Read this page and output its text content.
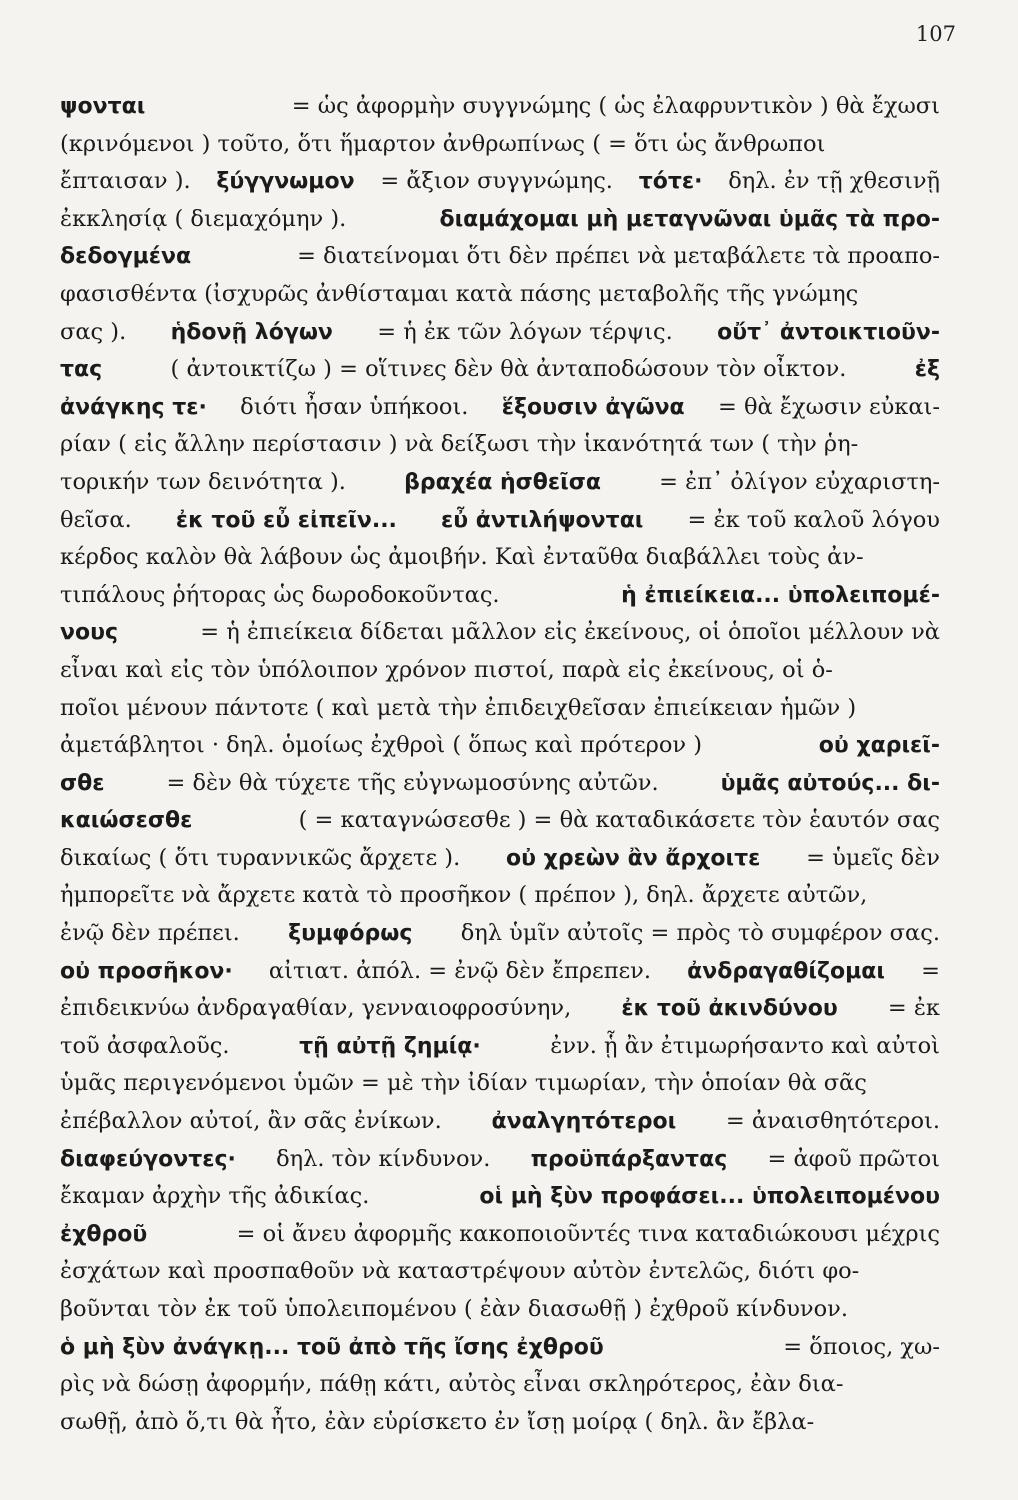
107
ψονται	= ὡς ἀφορμὴν συγγνώμης ( ὡς ἐλαφρυντικὸν ) θὰ ἔχωσι
(κρινόμενοι ) τοῦτο, ὅτι ἥμαρτον ἀνθρωπίνως ( = ὅτι ὡς ἄνθρωποι
ἔπταισαν ). ξύγγνωμον = ἄξιον συγγνώμης. τότε· δηλ. ἐν τῇ χθεσινῇ
ἐκκλησίᾳ ( διεμαχόμην ).	διαμάχομαι μὴ μεταγνῶναι ὑμᾶς τὰ προ-
δεδογμένα	= διατείνομαι ὅτι δὲν πρέπει νὰ μεταβάλετε τὰ προαπο-
φασισθέντα (ἰσχυρῶς ἀνθίσταμαι κατὰ πάσης μεταβολῆς τῆς γνώμης
σας ). ἡδονῇ λόγων = ἡ ἐκ τῶν λόγων τέρψις. οὔτ᾿ ἀντοικτιοῦν-
τας	( ἀντοικτίζω ) = οἵτινες δὲν θὰ ἀνταποδώσουν τὸν οἶκτον.	ἐξ
ἀνάγκης τε· διότι ἦσαν ὑπήκοοι. ἕξουσιν ἀγῶνα = θὰ ἔχωσιν εὐκαι-
ρίαν ( εἰς ἄλλην περίστασιν ) νὰ δείξωσι τὴν ἱκανότητά των ( τὴν ῥη-
τορικήν των δεινότητα ).	βραχέα ἡσθεῖσα	= ἐπ᾿ ὀλίγον εὐχαριστη-
θεῖσα. ἐκ τοῦ εὖ εἰπεῖν... εὖ ἀντιλήψονται = ἐκ τοῦ καλοῦ λόγου
κέρδος καλὸν θὰ λάβουν ὡς ἀμοιβήν. Καὶ ἐνταῦθα διαβάλλει τοὺς ἀν-
τιπάλους ῥήτορας ὡς δωροδοκοῦντας.	ἡ ἐπιείκεια... ὑπολειπομέ-
νους	= ἡ ἐπιείκεια δίδεται μᾶλλον εἰς ἐκείνους, οἱ ὁποῖοι μέλλουν νὰ
εἶναι καὶ εἰς τὸν ὑπόλοιπον χρόνον πιστοί, παρὰ εἰς ἐκείνους, οἱ ὁ-
ποῖοι μένουν πάντοτε ( καὶ μετὰ τὴν ἐπιδειχθεῖσαν ἐπιείκειαν ἡμῶν )
ἀμετάβλητοι · δηλ. ὁμοίως ἐχθροὶ ( ὅπως καὶ πρότερον )	οὐ χαριεῖ-
σθε	= δὲν θὰ τύχετε τῆς εὐγνωμοσύνης αὐτῶν.	ὑμᾶς αὐτούς... δι-
καιώσεσθε	( = καταγνώσεσθε ) = θὰ καταδικάσετε τὸν ἑαυτόν σας
δικαίως ( ὅτι τυραννικῶς ἄρχετε ). οὐ χρεὼν ἂν ἄρχοιτε = ὑμεῖς δὲν
ἠμπορεῖτε νὰ ἄρχετε κατὰ τὸ προσῆκον ( πρέπον ), δηλ. ἄρχετε αὐτῶν,
ἐνῷ δὲν πρέπει. ξυμφόρως δηλ ὑμῖν αὐτοῖς = πρὸς τὸ συμφέρον σας.
οὐ προσῆκον· αἰτιατ. ἀπόλ. = ἐνῷ δὲν ἔπρεπεν. ἀνδραγαθίζομαι =
ἐπιδεικνύω ἀνδραγαθίαν, γενναιοφροσύνην, ἐκ τοῦ ἀκινδύνου = ἐκ
τοῦ ἀσφαλοῦς.	τῇ αὐτῇ ζημίᾳ·	ἐνν. ᾗ ἂν ἐτιμωρήσαντο καὶ αὐτοὶ
ὑμᾶς περιγενόμενοι ὑμῶν = μὲ τὴν ἰδίαν τιμωρίαν, τὴν ὁποίαν θὰ σᾶς
ἐπέβαλλον αὐτοί, ἂν σᾶς ἐνίκων. ἀναλγητότεροι = ἀναισθητότεροι.
διαφεύγοντες· δηλ. τὸν κίνδυνον. προϋπάρξαντας = ἀφοῦ πρῶτοι
ἔκαμαν ἀρχὴν τῆς ἀδικίας.	οἱ μὴ ξὺν προφάσει... ὑπολειπομένου
ἐχθροῦ	= οἱ ἄνευ ἀφορμῆς κακοποιοῦντές τινα καταδιώκουσι μέχρις
ἐσχάτων καὶ προσπαθοῦν νὰ καταστρέψουν αὐτὸν ἐντελῶς, διότι φο-
βοῦνται τὸν ἐκ τοῦ ὑπολειπομένου ( ἐὰν διασωθῇ ) ἐχθροῦ κίνδυνον.
ὁ μὴ ξὺν ἀνάγκῃ... τοῦ ἀπὸ τῆς ἴσης ἐχθροῦ	= ὅποιος, χω-
ρὶς νὰ δώσῃ ἀφορμήν, πάθῃ κάτι, αὐτὸς εἶναι σκληρότερος, ἐὰν δια-
σωθῇ, ἀπὸ ὅ,τι θὰ ἦτο, ἐὰν εὑρίσκετο ἐν ἴσῃ μοίρᾳ ( δηλ. ἂν ἔβλα-
